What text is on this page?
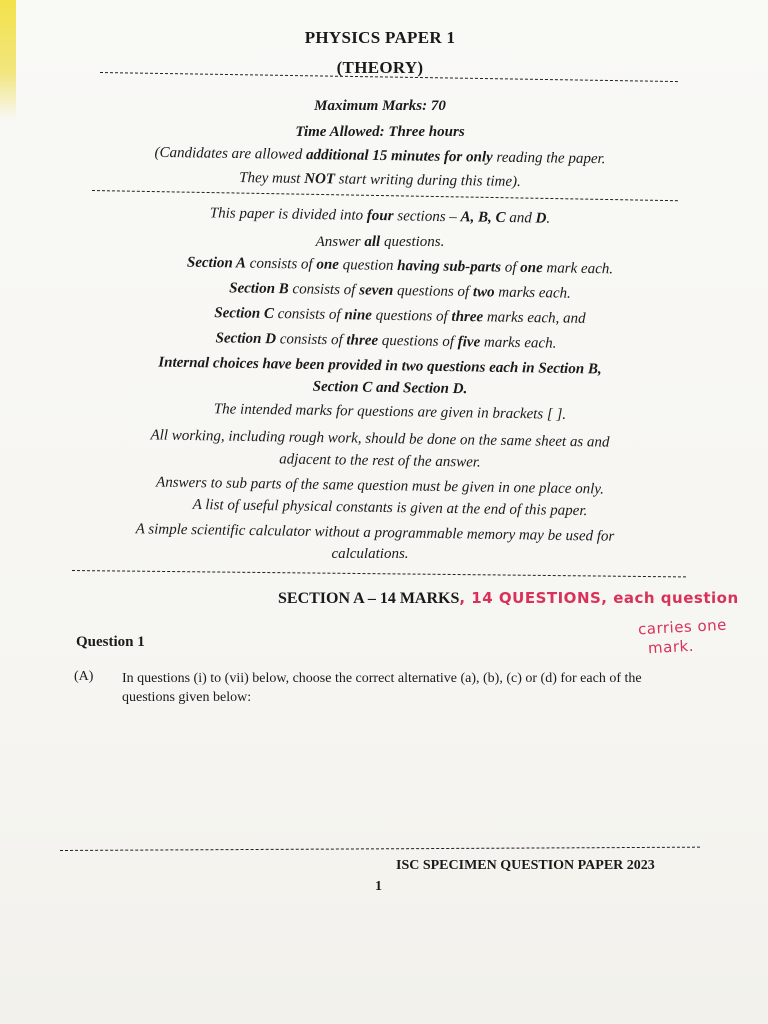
PHYSICS PAPER 1
(THEORY)
Maximum Marks: 70
Time Allowed: Three hours
(Candidates are allowed additional 15 minutes for only reading the paper.
They must NOT start writing during this time).
This paper is divided into four sections – A, B, C and D.
Answer all questions.
Section A consists of one question having sub-parts of one mark each.
Section B consists of seven questions of two marks each.
Section C consists of nine questions of three marks each, and
Section D consists of three questions of five marks each.
Internal choices have been provided in two questions each in Section B,
Section C and Section D.
The intended marks for questions are given in brackets [ ].
All working, including rough work, should be done on the same sheet as and
adjacent to the rest of the answer.
Answers to sub parts of the same question must be given in one place only.
A list of useful physical constants is given at the end of this paper.
A simple scientific calculator without a programmable memory may be used for
calculations.
SECTION A – 14 MARKS, 14 QUESTIONS, each question
carries one
mark.
Question 1
(A) In questions (i) to (vii) below, choose the correct alternative (a), (b), (c) or (d) for each of the questions given below:
ISC SPECIMEN QUESTION PAPER 2023
1
